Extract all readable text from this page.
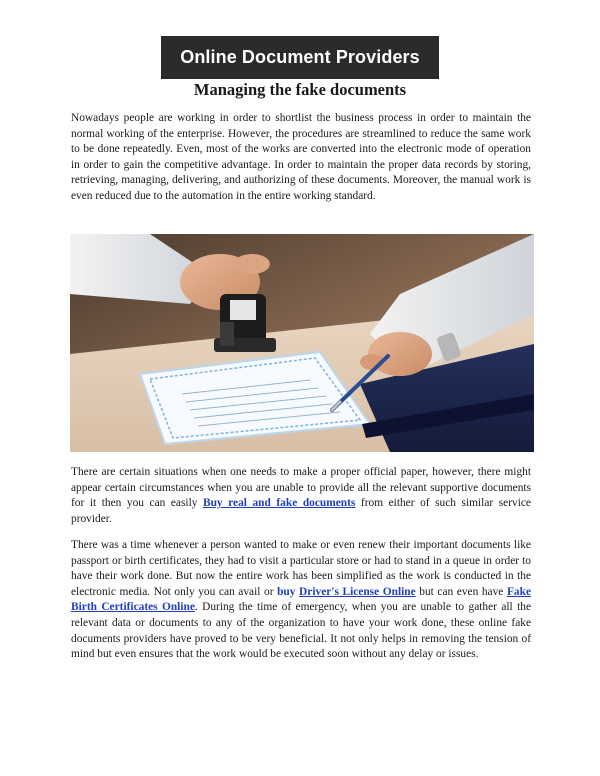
Online Document Providers
Managing the fake documents

Nowadays people are working in order to shortlist the business process in order to maintain the normal working of the enterprise. However, the procedures are streamlined to reduce the same work to be done repeatedly. Even, most of the works are converted into the electronic mode of operation in order to gain the competitive advantage. In order to maintain the proper data records by storing, retrieving, managing, delivering, and authorizing of these documents. Moreover, the manual work is even reduced due to the automation in the entire working standard.

There are certain situations when one needs to make a proper official paper, however, there might appear certain circumstances when you are unable to provide all the relevant supportive documents for it then you can easily Buy real and fake documents from either of such similar service provider.

There was a time whenever a person wanted to make or even renew their important documents like passport or birth certificates, they had to visit a particular store or had to stand in a queue in order to have their work done. But now the entire work has been simplified as the work is conducted in the electronic media. Not only you can avail or buy Driver's License Online but can even have Fake Birth Certificates Online. During the time of emergency, when you are unable to gather all the relevant data or documents to any of the organization to have your work done, these online fake documents providers have proved to be very beneficial. It not only helps in removing the tension of mind but even ensures that the work would be executed soon without any delay or issues.
